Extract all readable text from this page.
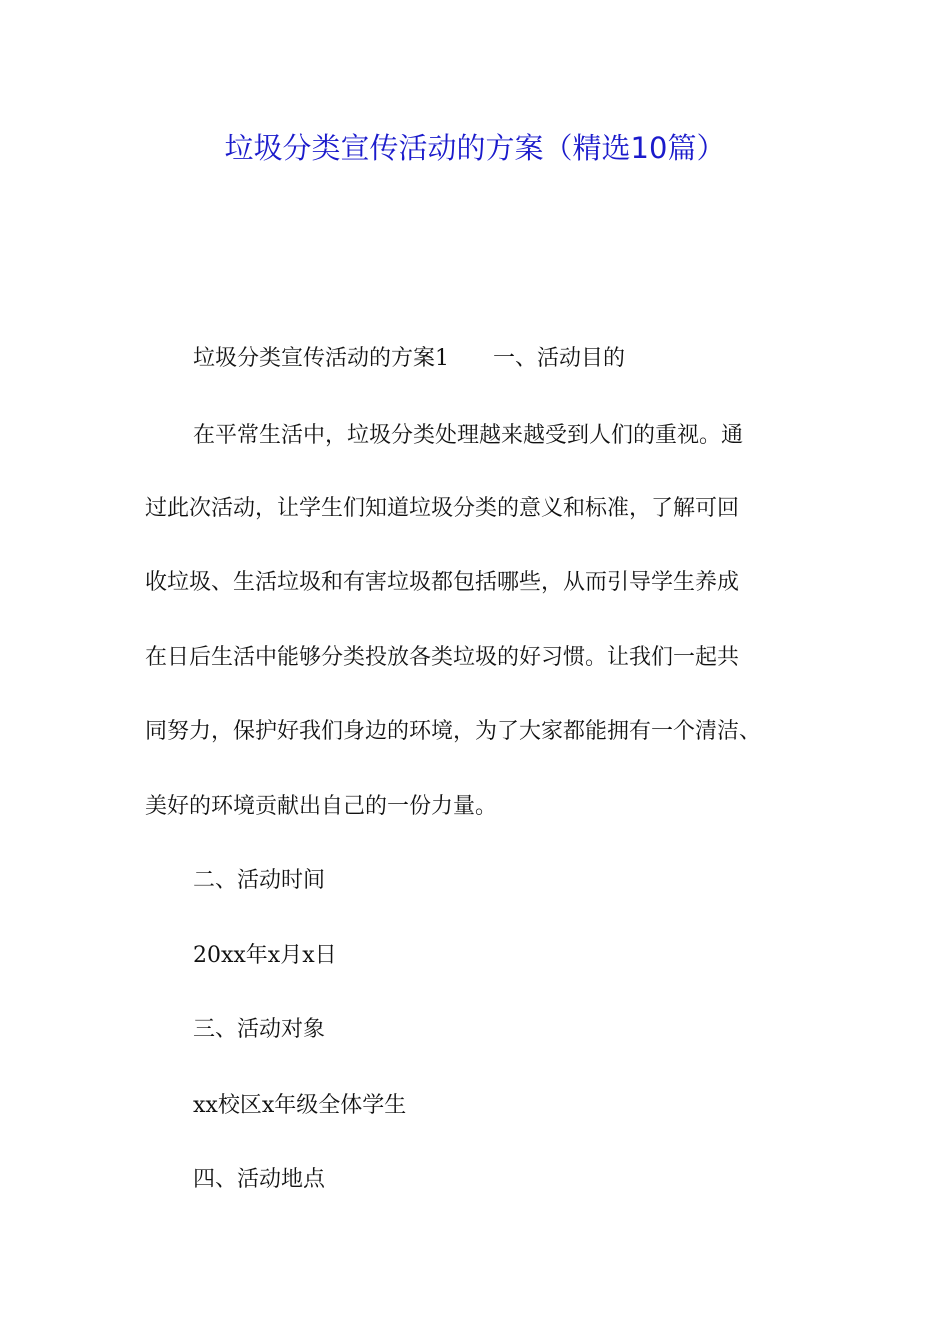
垃圾分类宣传活动的方案（精选10篇）

垃圾分类宣传活动的方案1　　一、活动目的

在平常生活中，垃圾分类处理越来越受到人们的重视。通

过此次活动，让学生们知道垃圾分类的意义和标准，了解可回

收垃圾、生活垃圾和有害垃圾都包括哪些，从而引导学生养成

在日后生活中能够分类投放各类垃圾的好习惯。让我们一起共

同努力，保护好我们身边的环境，为了大家都能拥有一个清洁、

美好的环境贡献出自己的一份力量。

二、活动时间

20xx年x月x日

三、活动对象

xx校区x年级全体学生

四、活动地点
